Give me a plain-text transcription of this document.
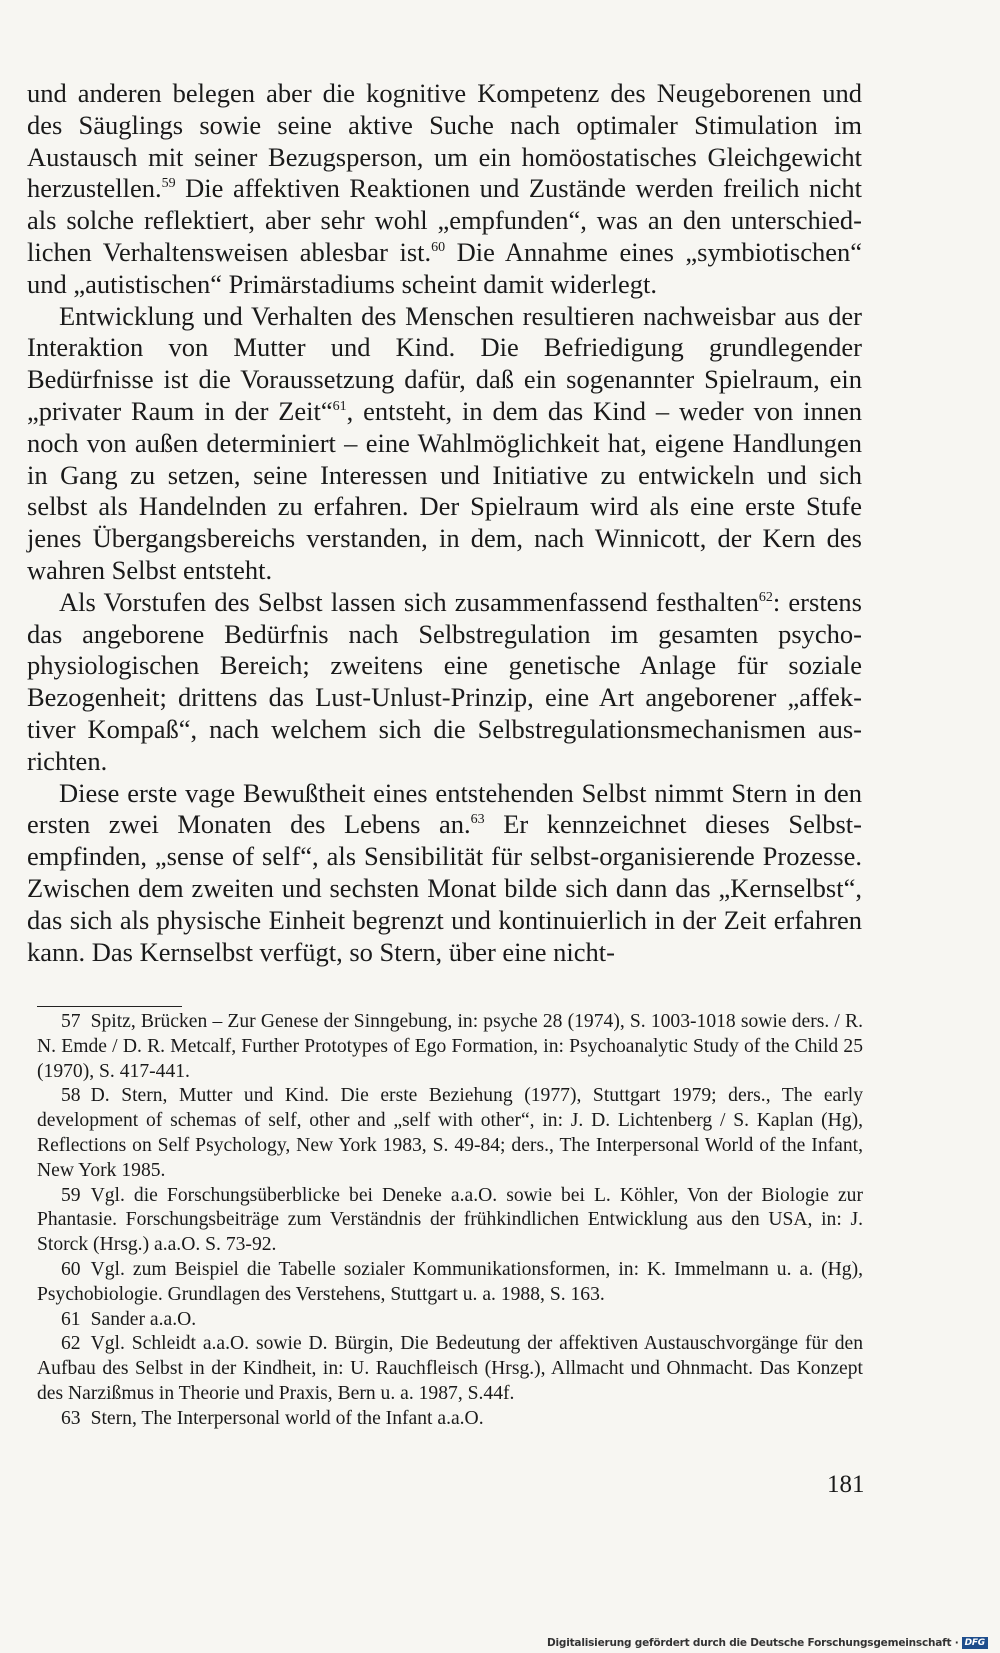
und anderen belegen aber die kognitive Kompetenz des Neugeborenen und des Säuglings sowie seine aktive Suche nach optimaler Stimulation im Austausch mit seiner Bezugsperson, um ein homöostatisches Gleichgewicht herzustellen.$^{59}$ Die affektiven Reaktionen und Zustände werden freilich nicht als solche reflektiert, aber sehr wohl „empfunden“, was an den unterschiedlichen Verhaltensweisen ablesbar ist.$^{60}$ Die Annahme eines „symbiotischen“ und „autistischen“ Primärstadiums scheint damit widerlegt.

Entwicklung und Verhalten des Menschen resultieren nachweisbar aus der Interaktion von Mutter und Kind. Die Befriedigung grundlegender Bedürfnisse ist die Voraussetzung dafür, daß ein sogenannter Spielraum, ein „privater Raum in der Zeit“$^{61}$, entsteht, in dem das Kind – weder von innen noch von außen determiniert – eine Wahlmöglichkeit hat, eigene Handlungen in Gang zu setzen, seine Interessen und Initiative zu entwickeln und sich selbst als Handelnden zu erfahren. Der Spielraum wird als eine erste Stufe jenes Übergangsbereichs verstanden, in dem, nach Winnicott, der Kern des wahren Selbst entsteht.

Als Vorstufen des Selbst lassen sich zusammenfassend festhalten$^{62}$: erstens das angeborene Bedürfnis nach Selbstregulation im gesamten psychophysiologischen Bereich; zweitens eine genetische Anlage für soziale Bezogenheit; drittens das Lust-Unlust-Prinzip, eine Art angeborener „affektiver Kompaß“, nach welchem sich die Selbstregulationsmechanismen ausrichten.

Diese erste vage Bewußtheit eines entstehenden Selbst nimmt Stern in den ersten zwei Monaten des Lebens an.$^{63}$ Er kennzeichnet dieses Selbstempfinden, „sense of self“, als Sensibilität für selbst-organisierende Prozesse. Zwischen dem zweiten und sechsten Monat bilde sich dann das „Kernselbst“, das sich als physische Einheit begrenzt und kontinuierlich in der Zeit erfahren kann. Das Kernselbst verfügt, so Stern, über eine nicht-

57 Spitz, Brücken – Zur Genese der Sinngebung, in: psyche 28 (1974), S. 1003-1018 sowie ders. / R. N. Emde / D. R. Metcalf, Further Prototypes of Ego Formation, in: Psychoanalytic Study of the Child 25 (1970), S. 417-441.

58 D. Stern, Mutter und Kind. Die erste Beziehung (1977), Stuttgart 1979; ders., The early development of schemas of self, other and „self with other“, in: J. D. Lichtenberg / S. Kaplan (Hg), Reflections on Self Psychology, New York 1983, S. 49-84; ders., The Interpersonal World of the Infant, New York 1985.

59 Vgl. die Forschungsüberblicke bei Deneke a.a.O. sowie bei L. Köhler, Von der Biologie zur Phantasie. Forschungsbeiträge zum Verständnis der frühkindlichen Entwicklung aus den USA, in: J. Storck (Hrsg.) a.a.O. S. 73-92.

60 Vgl. zum Beispiel die Tabelle sozialer Kommunikationsformen, in: K. Immelmann u. a. (Hg), Psychobiologie. Grundlagen des Verstehens, Stuttgart u. a. 1988, S. 163.

61 Sander a.a.O.

62 Vgl. Schleidt a.a.O. sowie D. Bürgin, Die Bedeutung der affektiven Austauschvorgänge für den Aufbau des Selbst in der Kindheit, in: U. Rauchfleisch (Hrsg.), Allmacht und Ohnmacht. Das Konzept des Narzißmus in Theorie und Praxis, Bern u. a. 1987, S.44f.

63 Stern, The Interpersonal world of the Infant a.a.O.

181
Digitalisierung gefördert durch die Deutsche Forschungsgemeinschaft · DFG
